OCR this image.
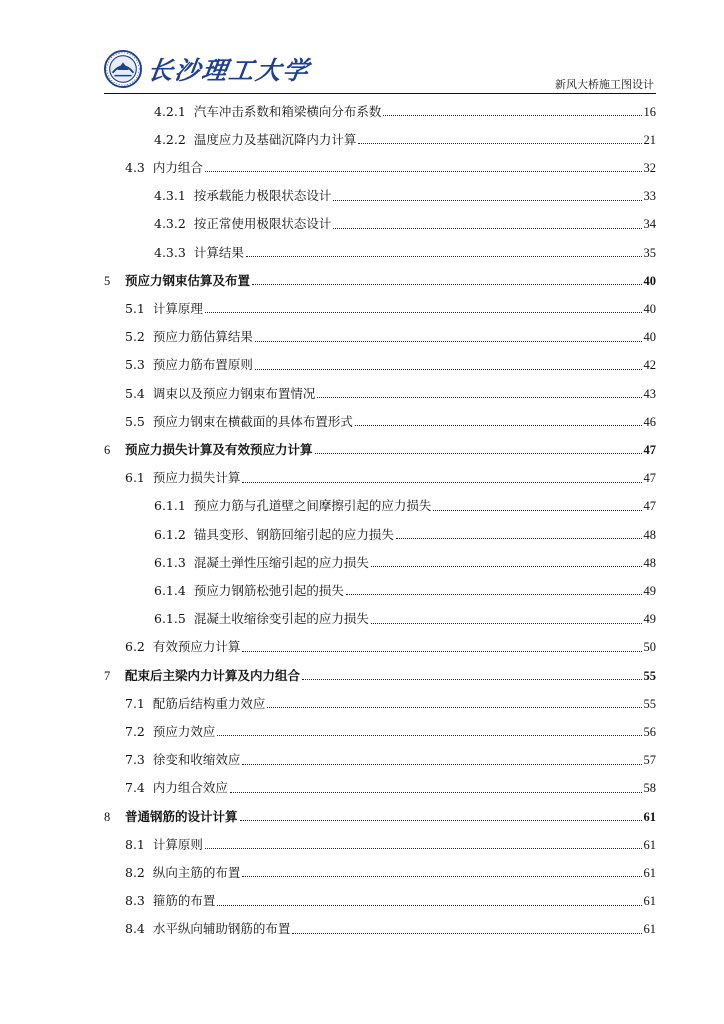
长沙理工大学	新风大桥施工图设计
4.2.1 汽车冲击系数和箱梁横向分布系数	16
4.2.2 温度应力及基础沉降内力计算	21
4.3 内力组合	32
4.3.1 按承载能力极限状态设计	33
4.3.2 按正常使用极限状态设计	34
4.3.3 计算结果	35
5	预应力钢束估算及布置	40
5.1 计算原理	40
5.2 预应力筋估算结果	40
5.3 预应力筋布置原则	42
5.4 调束以及预应力钢束布置情况	43
5.5 预应力钢束在横截面的具体布置形式	46
6	预应力损失计算及有效预应力计算	47
6.1 预应力损失计算	47
6.1.1 预应力筋与孔道壁之间摩擦引起的应力损失	47
6.1.2 锚具变形、钢筋回缩引起的应力损失	48
6.1.3 混凝土弹性压缩引起的应力损失	48
6.1.4 预应力钢筋松弛引起的损失	49
6.1.5 混凝土收缩徐变引起的应力损失	49
6.2 有效预应力计算	50
7	配束后主梁内力计算及内力组合	55
7.1 配筋后结构重力效应	55
7.2 预应力效应	56
7.3 徐变和收缩效应	57
7.4 内力组合效应	58
8	普通钢筋的设计计算	61
8.1 计算原则	61
8.2 纵向主筋的布置	61
8.3 箍筋的布置	61
8.4 水平纵向辅助钢筋的布置	61
